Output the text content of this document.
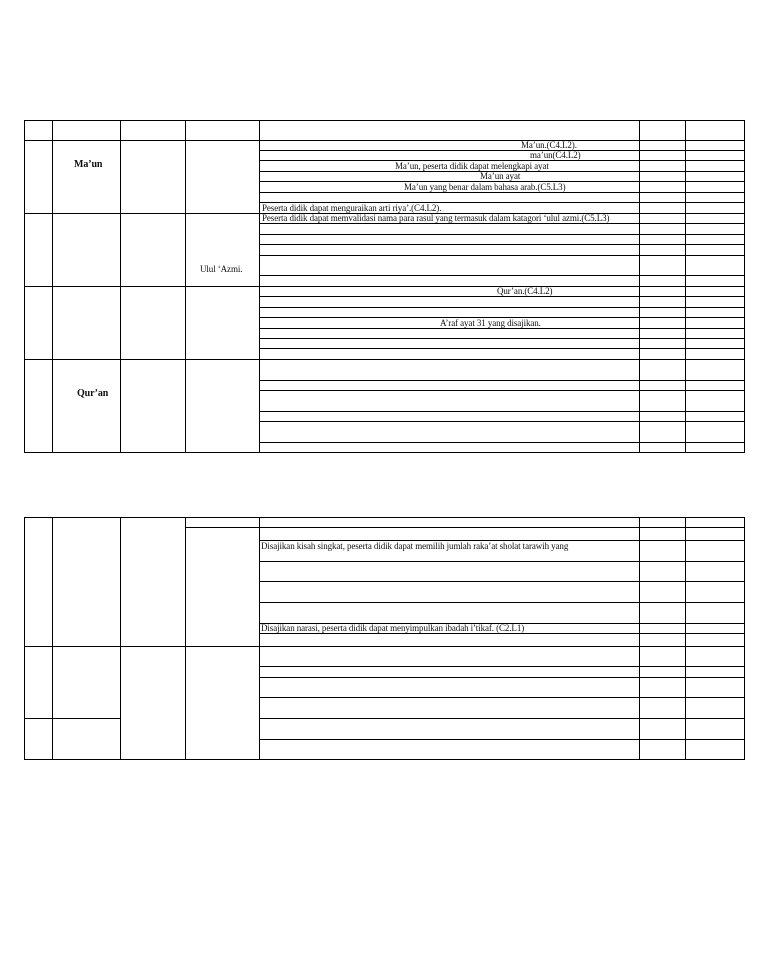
Ma’un
Qur’an
Ulul ‘Azmi.
Ma’un.(C4.L2).
ma’un(C4.L2)
Ma’un, peserta didik dapat melengkapi ayat
Ma’un ayat
Ma’un yang benar dalam bahasa arab.(C5.L3)
Peserta didik dapat menguraikan arti riya’.(C4.L2).
Peserta didik dapat memvalidasi nama para rasul yang termasuk dalam katagori ‘ulul azmi.(C5.L3)
Qur’an.(C4.L2)
A’raf ayat 31 yang disajikan.
Disajikan kisah singkat, peserta didik dapat memilih jumlah raka’at sholat tarawih yang
Disajikan narasi, peserta didik dapat menyimpulkan ibadah i’tikaf. (C2.L1)
